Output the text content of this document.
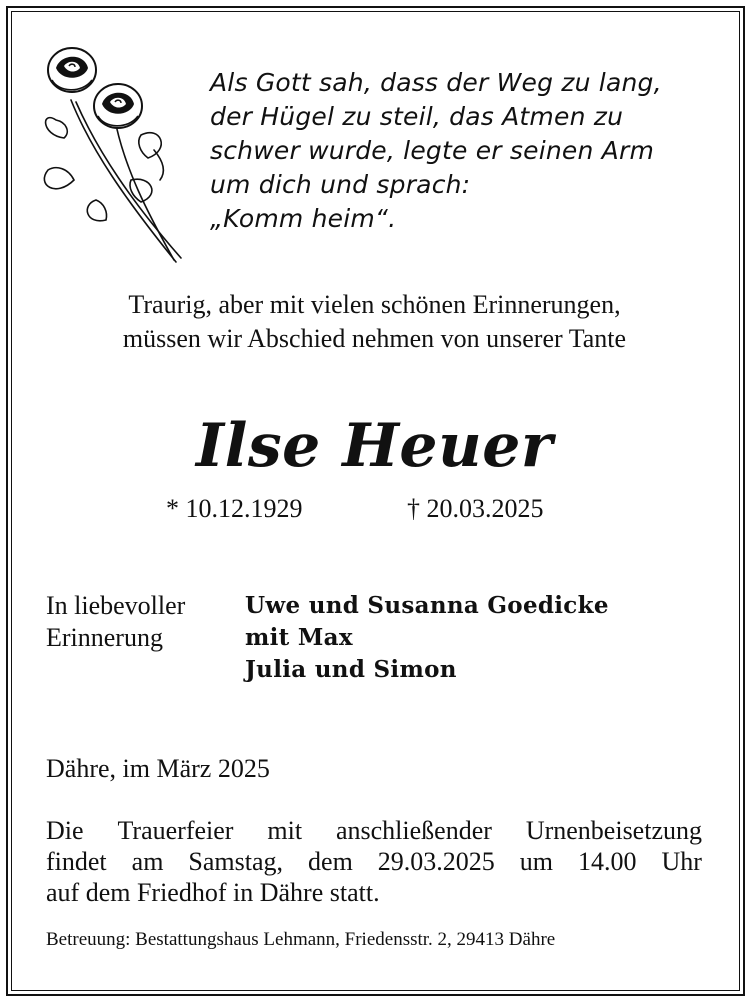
Als Gott sah, dass der Weg zu lang,
der Hügel zu steil, das Atmen zu
schwer wurde, legte er seinen Arm
um dich und sprach:
„Komm heim“.
Traurig, aber mit vielen schönen Erinnerungen,
müssen wir Abschied nehmen von unserer Tante
Ilse Heuer
* 10.12.1929	† 20.03.2025
In liebevoller
Erinnerung
Uwe und Susanna Goedicke
mit Max
Julia und Simon
Dähre, im März 2025
Die Trauerfeier mit anschließender Urnenbeisetzung
findet am Samstag, dem 29.03.2025 um 14.00 Uhr
auf dem Friedhof in Dähre statt.
Betreuung: Bestattungshaus Lehmann, Friedensstr. 2, 29413 Dähre
